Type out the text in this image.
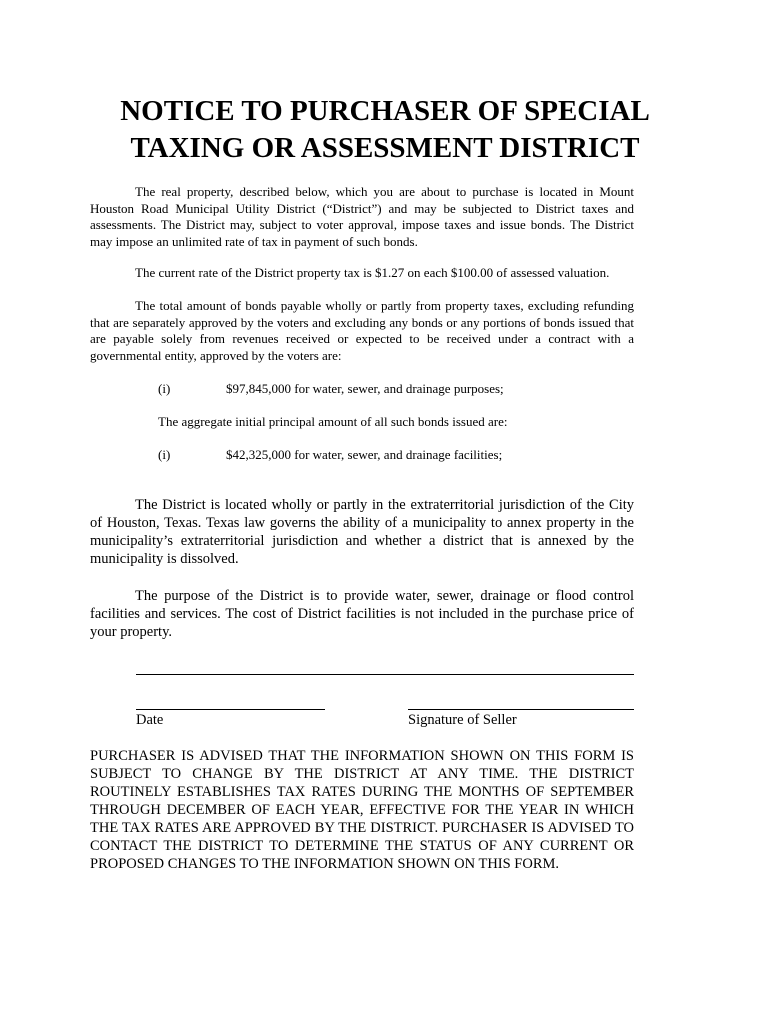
NOTICE TO PURCHASER OF SPECIAL TAXING OR ASSESSMENT DISTRICT

The real property, described below, which you are about to purchase is located in Mount Houston Road Municipal Utility District (“District”) and may be subjected to District taxes and assessments. The District may, subject to voter approval, impose taxes and issue bonds. The District may impose an unlimited rate of tax in payment of such bonds.

The current rate of the District property tax is $1.27 on each $100.00 of assessed valuation.

The total amount of bonds payable wholly or partly from property taxes, excluding refunding that are separately approved by the voters and excluding any bonds or any portions of bonds issued that are payable solely from revenues received or expected to be received under a contract with a governmental entity, approved by the voters are:

(i)	$97,845,000 for water, sewer, and drainage purposes;

The aggregate initial principal amount of all such bonds issued are:

(i)	$42,325,000 for water, sewer, and drainage facilities;

The District is located wholly or partly in the extraterritorial jurisdiction of the City of Houston, Texas. Texas law governs the ability of a municipality to annex property in the municipality’s extraterritorial jurisdiction and whether a district that is annexed by the municipality is dissolved.

The purpose of the District is to provide water, sewer, drainage or flood control facilities and services. The cost of District facilities is not included in the purchase price of your property.

Date	Signature of Seller

PURCHASER IS ADVISED THAT THE INFORMATION SHOWN ON THIS FORM IS SUBJECT TO CHANGE BY THE DISTRICT AT ANY TIME. THE DISTRICT ROUTINELY ESTABLISHES TAX RATES DURING THE MONTHS OF SEPTEMBER THROUGH DECEMBER OF EACH YEAR, EFFECTIVE FOR THE YEAR IN WHICH THE TAX RATES ARE APPROVED BY THE DISTRICT. PURCHASER IS ADVISED TO CONTACT THE DISTRICT TO DETERMINE THE STATUS OF ANY CURRENT OR PROPOSED CHANGES TO THE INFORMATION SHOWN ON THIS FORM.
